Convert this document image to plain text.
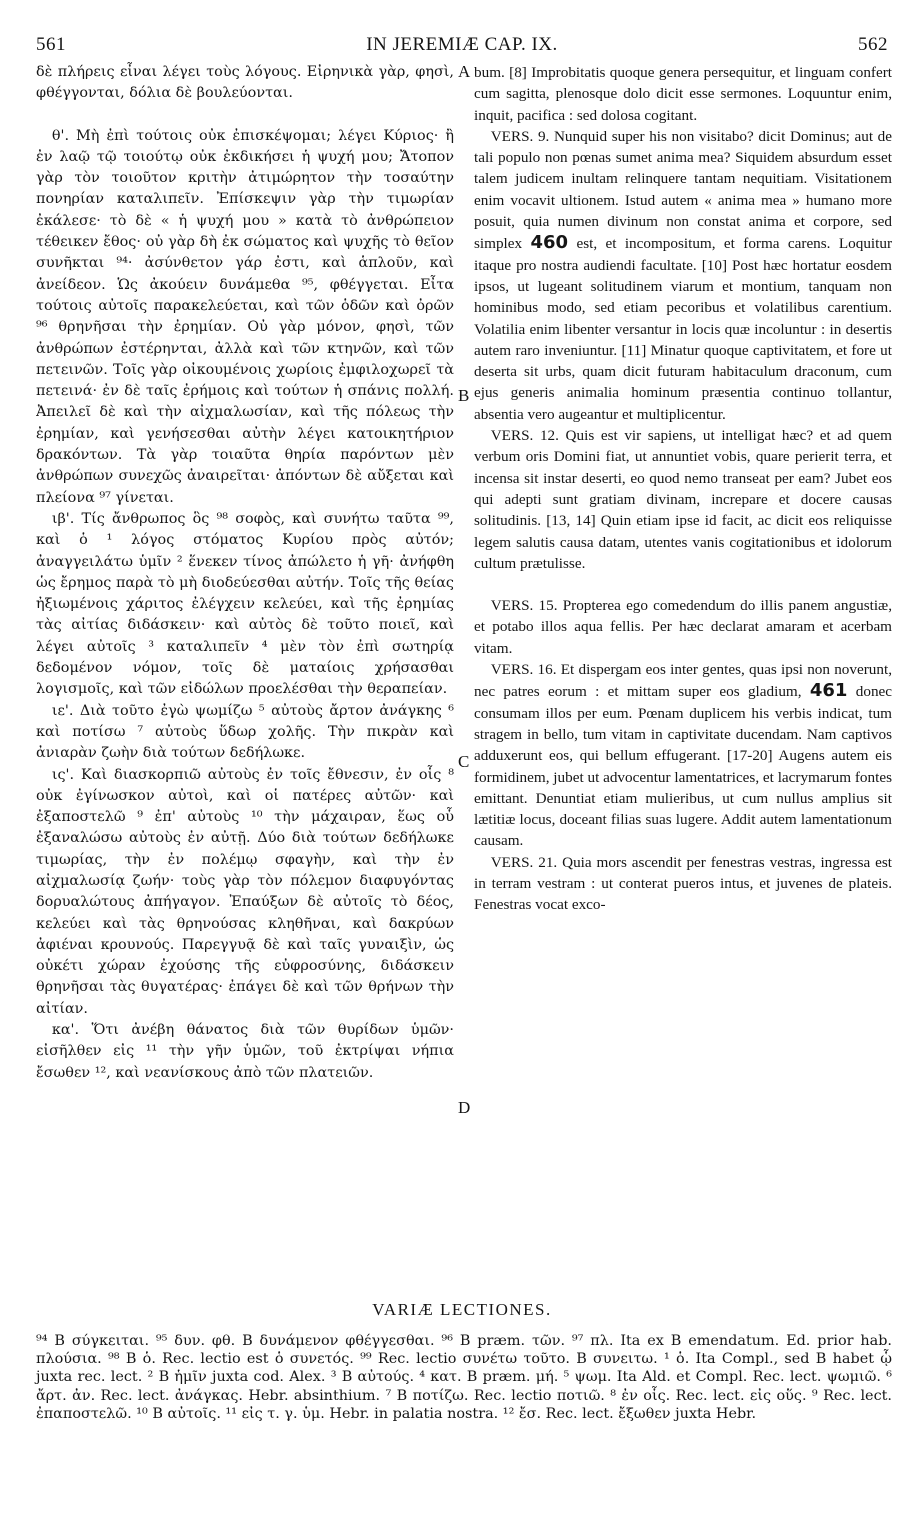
561	IN JEREMIÆ CAP. IX.	562

δὲ πλήρεις εἶναι λέγει τοὺς λόγους. Εἰρηνικὰ γὰρ, φησὶ, φθέγγονται, δόλια δὲ βουλεύονται.

θ'. Μὴ ἐπὶ τούτοις οὐκ ἐπισκέψομαι; λέγει Κύριος· ἢ ἐν λαῷ τῷ τοιούτῳ οὐκ ἐκδικήσει ἡ ψυχή μου; Ἄτοπον γὰρ τὸν τοιοῦτον κριτὴν ἀτιμώρητον τὴν τοσαύτην πονηρίαν καταλιπεῖν. Ἐπίσκεψιν γὰρ τὴν τιμωρίαν ἐκάλεσε· τὸ δὲ « ἡ ψυχή μου » κατὰ τὸ ἀνθρώπειον τέθεικεν ἔθος· οὐ γὰρ δὴ ἐκ σώματος καὶ ψυχῆς τὸ θεῖον συνῆκται ⁹⁴· ἀσύνθετον γάρ ἐστι, καὶ ἁπλοῦν, καὶ ἀνείδεον. Ὡς ἀκούειν δυνάμεθα ⁹⁵, φθέγγεται. Εἶτα τούτοις αὐτοῖς παρακελεύεται, καὶ τῶν ὁδῶν καὶ ὀρῶν ⁹⁶ θρηνῆσαι τὴν ἐρημίαν. Οὐ γὰρ μόνον, φησὶ, τῶν ἀνθρώπων ἐστέρηνται, ἀλλὰ καὶ τῶν κτηνῶν, καὶ τῶν πετεινῶν. Τοῖς γὰρ οἰκουμένοις χωρίοις ἐμφιλοχωρεῖ τὰ πετεινά· ἐν δὲ ταῖς ἐρήμοις καὶ τούτων ἡ σπάνις πολλή. Ἀπειλεῖ δὲ καὶ τὴν αἰχμαλωσίαν, καὶ τῆς πόλεως τὴν ἐρημίαν, καὶ γενήσεσθαι αὐτὴν λέγει κατοικητήριον δρακόντων. Τὰ γὰρ τοιαῦτα θηρία παρόντων μὲν ἀνθρώπων συνεχῶς ἀναιρεῖται· ἀπόντων δὲ αὔξεται καὶ πλείονα ⁹⁷ γίνεται.

ιβ'. Τίς ἄνθρωπος ὃς ⁹⁸ σοφὸς, καὶ συνήτω ταῦτα ⁹⁹, καὶ ὁ ¹ λόγος στόματος Κυρίου πρὸς αὐτόν; ἀναγγειλάτω ὑμῖν ² ἕνεκεν τίνος ἀπώλετο ἡ γῆ· ἀνήφθη ὡς ἔρημος παρὰ τὸ μὴ διοδεύεσθαι αὐτήν. Τοῖς τῆς θείας ἠξιωμένοις χάριτος ἐλέγχειν κελεύει, καὶ τῆς ἐρημίας τὰς αἰτίας διδάσκειν· καὶ αὐτὸς δὲ τοῦτο ποιεῖ, καὶ λέγει αὐτοῖς ³ καταλιπεῖν ⁴ μὲν τὸν ἐπὶ σωτηρίᾳ δεδομένον νόμον, τοῖς δὲ ματαίοις χρήσασθαι λογισμοῖς, καὶ τῶν εἰδώλων προελέσθαι τὴν θεραπείαν.

ιε'. Διὰ τοῦτο ἐγὼ ψωμίζω ⁵ αὐτοὺς ἄρτον ἀνάγκης ⁶ καὶ ποτίσω ⁷ αὐτοὺς ὕδωρ χολῆς. Τὴν πικρὰν καὶ ἀνιαρὰν ζωὴν διὰ τούτων δεδήλωκε.

ις'. Καὶ διασκορπιῶ αὐτοὺς ἐν τοῖς ἔθνεσιν, ἐν οἷς ⁸ οὐκ ἐγίνωσκον αὐτοὶ, καὶ οἱ πατέρες αὐτῶν· καὶ ἐξαποστελῶ ⁹ ἐπ' αὐτοὺς ¹⁰ τὴν μάχαιραν, ἕως οὗ ἐξαναλώσω αὐτοὺς ἐν αὐτῇ. Δύο διὰ τούτων δεδήλωκε τιμωρίας, τὴν ἐν πολέμῳ σφαγὴν, καὶ τὴν ἐν αἰχμαλωσίᾳ ζωήν· τοὺς γὰρ τὸν πόλεμον διαφυγόντας δορυαλώτους ἀπήγαγον. Ἐπαύξων δὲ αὐτοῖς τὸ δέος, κελεύει καὶ τὰς θρηνούσας κληθῆναι, καὶ δακρύων ἀφιέναι κρουνούς. Παρεγγυᾷ δὲ καὶ ταῖς γυναιξὶν, ὡς οὐκέτι χώραν ἐχούσης τῆς εὐφροσύνης, διδάσκειν θρηνῆσαι τὰς θυγατέρας· ἐπάγει δὲ καὶ τῶν θρήνων τὴν αἰτίαν.

κα'. Ὅτι ἀνέβη θάνατος διὰ τῶν θυρίδων ὑμῶν· εἰσῆλθεν εἰς ¹¹ τὴν γῆν ὑμῶν, τοῦ ἐκτρίψαι νήπια ἔσωθεν ¹², καὶ νεανίσκους ἀπὸ τῶν πλατειῶν.

A
B
C
D

bum. [8] Improbitatis quoque genera persequitur, et linguam confert cum sagitta, plenosque dolo dicit esse sermones. Loquuntur enim, inquit, pacifica : sed dolosa cogitant.

VERS. 9. Nunquid super his non visitabo? dicit Dominus; aut de tali populo non pœnas sumet anima mea? Siquidem absurdum esset talem judicem inultam relinquere tantam nequitiam. Visitationem enim vocavit ultionem. Istud autem « anima mea » humano more posuit, quia numen divinum non constat anima et corpore, sed simplex 460 est, et incompositum, et forma carens. Loquitur itaque pro nostra audiendi facultate. [10] Post hæc hortatur eosdem ipsos, ut lugeant solitudinem viarum et montium, tanquam non hominibus modo, sed etiam pecoribus et volatilibus carentium. Volatilia enim libenter versantur in locis quæ incoluntur : in desertis autem raro inveniuntur. [11] Minatur quoque captivitatem, et fore ut deserta sit urbs, quam dicit futuram habitaculum draconum, cum ejus generis animalia hominum præsentia continuo tollantur, absentia vero augeantur et multiplicentur.

VERS. 12. Quis est vir sapiens, ut intelligat hæc? et ad quem verbum oris Domini fiat, ut annuntiet vobis, quare perierit terra, et incensa sit instar deserti, eo quod nemo transeat per eam? Jubet eos qui adepti sunt gratiam divinam, increpare et docere causas solitudinis. [13, 14] Quin etiam ipse id facit, ac dicit eos reliquisse legem salutis causa datam, utentes vanis cogitationibus et idolorum cultum prætulisse.

VERS. 15. Propterea ego comedendum do illis panem angustiæ, et potabo illos aqua fellis. Per hæc declarat amaram et acerbam vitam.

VERS. 16. Et dispergam eos inter gentes, quas ipsi non noverunt, nec patres eorum : et mittam super eos gladium, 461 donec consumam illos per eum. Pœnam duplicem his verbis indicat, tum stragem in bello, tum vitam in captivitate ducendam. Nam captivos adduxerunt eos, qui bellum effugerant. [17-20] Augens autem eis formidinem, jubet ut advocentur lamentatrices, et lacrymarum fontes emittant. Denuntiat etiam mulieribus, ut cum nullus amplius sit lætitiæ locus, doceant filias suas lugere. Addit autem lamentationum causam.

VERS. 21. Quia mors ascendit per fenestras vestras, ingressa est in terram vestram : ut conterat pueros intus, et juvenes de plateis. Fenestras vocat exco-

VARIÆ LECTIONES.

⁹⁴ B σύγκειται. ⁹⁵ δυν. φθ. B δυνάμενον φθέγγεσθαι. ⁹⁶ B præm. τῶν. ⁹⁷ πλ. Ita ex B emendatum. Ed. prior hab. πλούσια. ⁹⁸ B ὁ. Rec. lectio est ὁ συνετός. ⁹⁹ Rec. lectio συνέτω τοῦτο. B συνειτω. ¹ ὁ. Ita Compl., sed B habet ᾧ juxta rec. lect. ² B ἡμῖν juxta cod. Alex. ³ B αὐτούς. ⁴ κατ. B præm. μή. ⁵ ψωμ. Ita Ald. et Compl. Rec. lect. ψωμιῶ. ⁶ ἄρτ. ἀν. Rec. lect. ἀνάγκας. Hebr. absinthium. ⁷ B ποτίζω. Rec. lectio ποτιῶ. ⁸ ἐν οἷς. Rec. lect. εἰς οὕς. ⁹ Rec. lect. ἐπαποστελῶ. ¹⁰ B αὐτοῖς. ¹¹ εἰς τ. γ. ὑμ. Hebr. in palatia nostra. ¹² ἔσ. Rec. lect. ἔξωθεν juxta Hebr.
